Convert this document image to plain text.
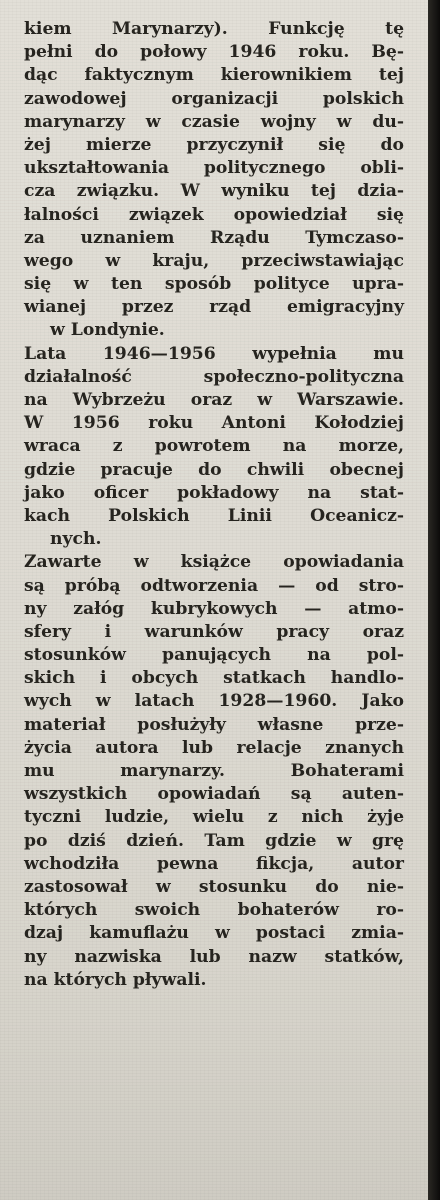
kiem Marynarzy). Funkcję tę
pełni do połowy 1946 roku. Bę-
dąc faktycznym kierownikiem tej
zawodowej organizacji polskich
marynarzy w czasie wojny w du-
żej mierze przyczynił się do
ukształtowania politycznego obli-
cza związku. W wyniku tej dzia-
łalności związek opowiedział się
za uznaniem Rządu Tymczaso-
wego w kraju, przeciwstawiając
się w ten sposób polityce upra-
wianej przez rząd emigracyjny
w Londynie.
Lata 1946—1956 wypełnia mu
działalność społeczno-polityczna
na Wybrzeżu oraz w Warszawie.
W 1956 roku Antoni Kołodziej
wraca z powrotem na morze,
gdzie pracuje do chwili obecnej
jako oficer pokładowy na stat-
kach Polskich Linii Oceanicz-
nych.
Zawarte w książce opowiadania
są próbą odtworzenia — od stro-
ny załóg kubrykowych — atmo-
sfery i warunków pracy oraz
stosunków panujących na pol-
skich i obcych statkach handlo-
wych w latach 1928—1960. Jako
materiał posłużyły własne prze-
życia autora lub relacje znanych
mu marynarzy. Bohaterami
wszystkich opowiadań są auten-
tyczni ludzie, wielu z nich żyje
po dziś dzień. Tam gdzie w grę
wchodziła pewna fikcja, autor
zastosował w stosunku do nie-
których swoich bohaterów ro-
dzaj kamuflażu w postaci zmia-
ny nazwiska lub nazw statków,
na których pływali.
